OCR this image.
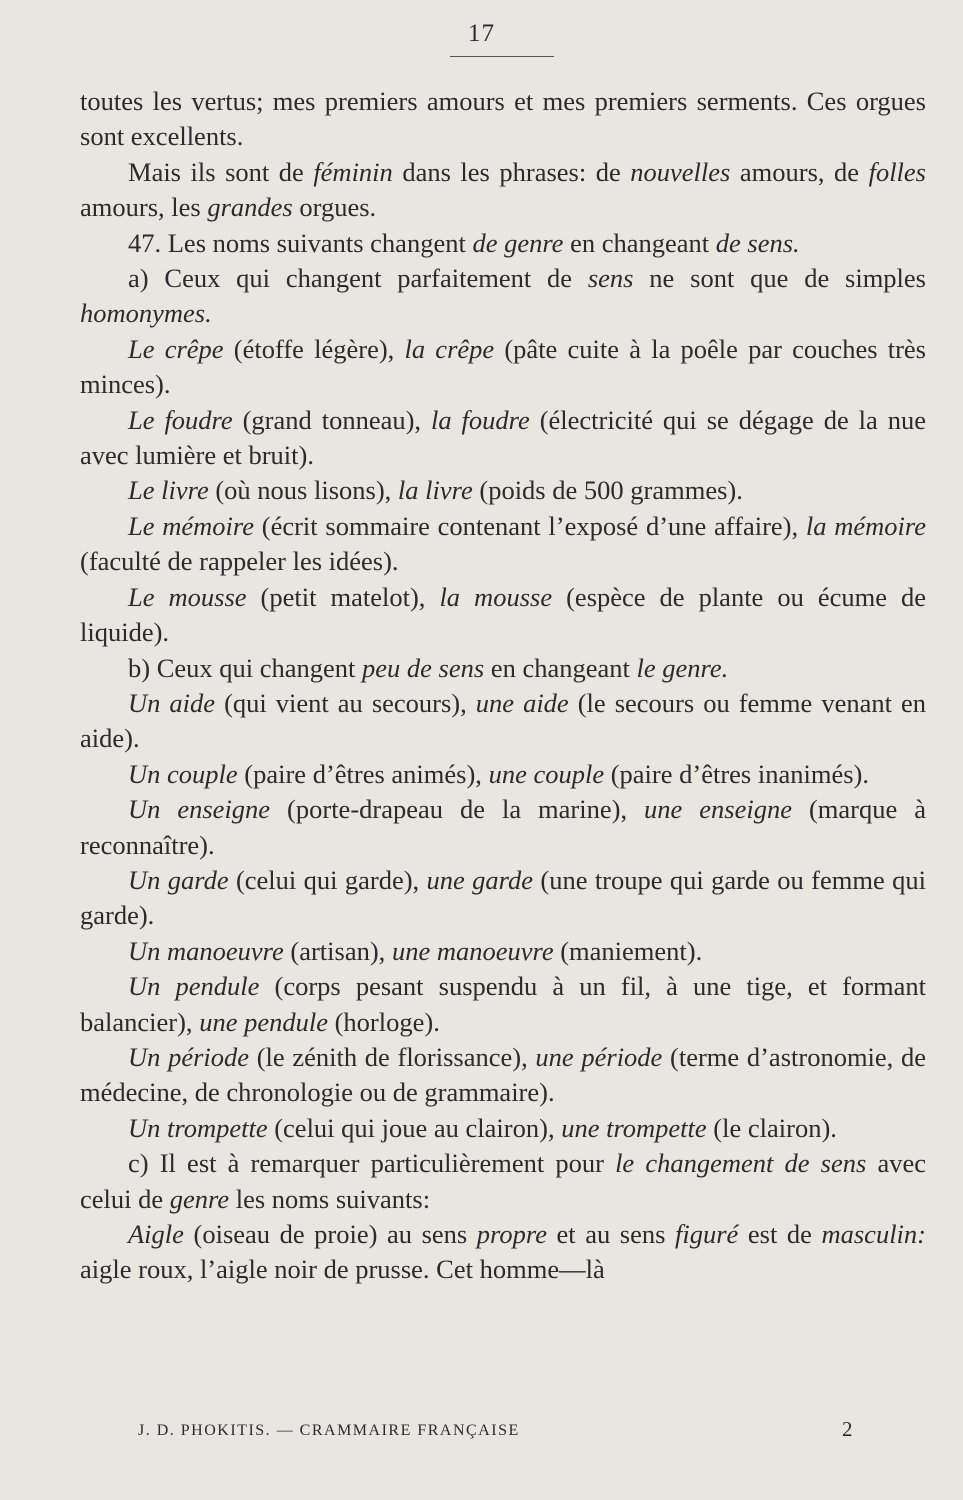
17

toutes les vertus; mes premiers amours et mes premiers serments. Ces orgues sont excellents.

Mais ils sont de féminin dans les phrases: de nouvelles amours, de folles amours, les grandes orgues.

47. Les noms suivants changent de genre en changeant de sens.

a) Ceux qui changent parfaitement de sens ne sont que de simples homonymes.

Le crêpe (étoffe légère), la crêpe (pâte cuite à la poêle par couches très minces).

Le foudre (grand tonneau), la foudre (électricité qui se dégage de la nue avec lumière et bruit).

Le livre (où nous lisons), la livre (poids de 500 grammes).

Le mémoire (écrit sommaire contenant l’exposé d’une affaire), la mémoire (faculté de rappeler les idées).

Le mousse (petit matelot), la mousse (espèce de plante ou écume de liquide).

b) Ceux qui changent peu de sens en changeant le genre.

Un aide (qui vient au secours), une aide (le secours ou femme venant en aide).

Un couple (paire d’êtres animés), une couple (paire d’êtres inanimés).

Un enseigne (porte-drapeau de la marine), une enseigne (marque à reconnaître).

Un garde (celui qui garde), une garde (une troupe qui garde ou femme qui garde).

Un manoeuvre (artisan), une manoeuvre (maniement).

Un pendule (corps pesant suspendu à un fil, à une tige, et formant balancier), une pendule (horloge).

Un période (le zénith de florissance), une période (terme d’astronomie, de médecine, de chronologie ou de grammaire).

Un trompette (celui qui joue au clairon), une trompette (le clairon).

c) Il est à remarquer particulièrement pour le changement de sens avec celui de genre les noms suivants:

Aigle (oiseau de proie) au sens propre et au sens figuré est de masculin: aigle roux, l’aigle noir de prusse. Cet homme—là

J. D. PHOKITIS. — CRAMMAIRE FRANÇAISE	2
